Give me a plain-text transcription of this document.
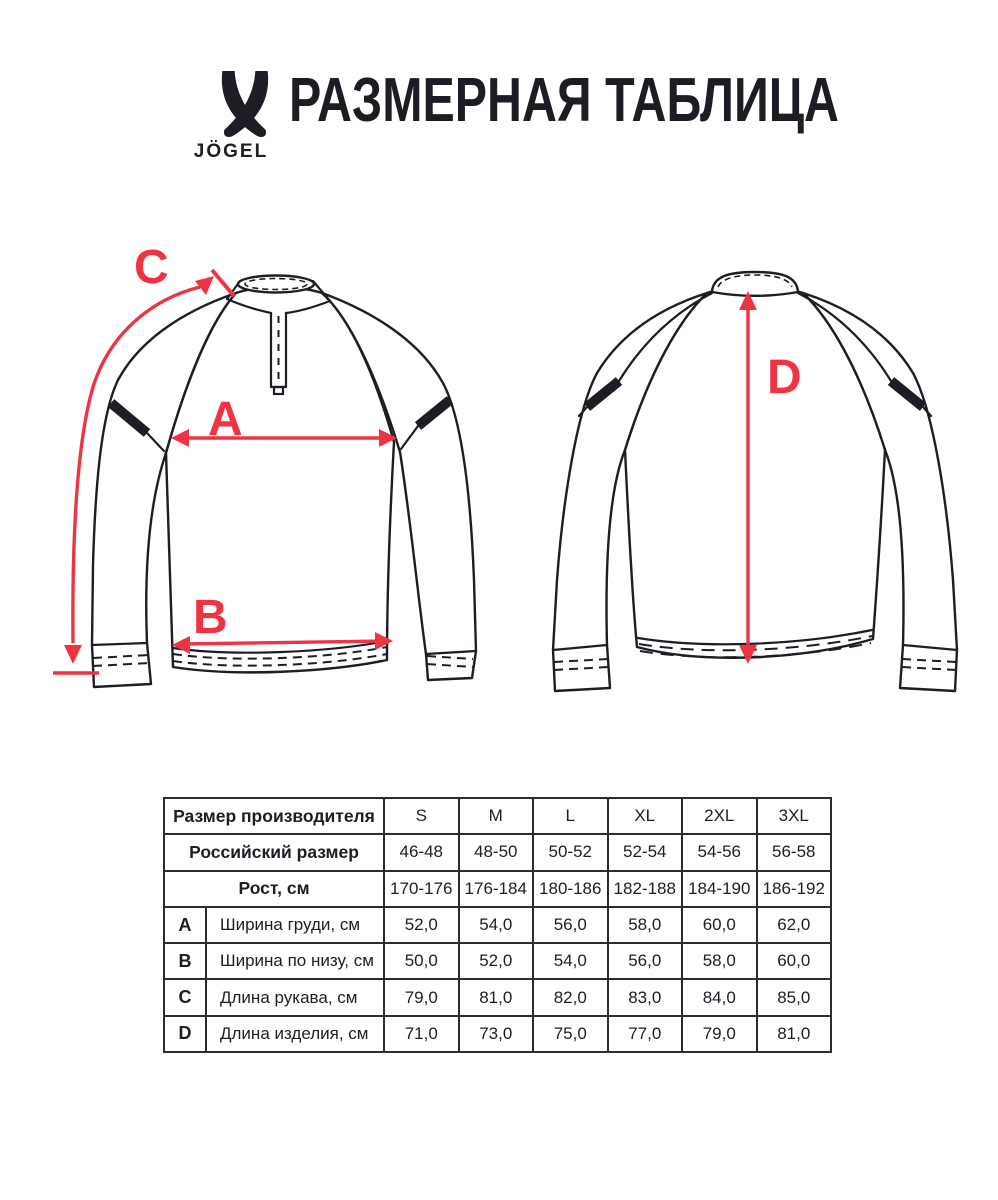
JÖGEL
РАЗМЕРНАЯ ТАБЛИЦА
A
B
C
D
Размер производителя		S	M	L	XL	2XL	3XL
Российский размер		46-48	48-50	50-52	52-54	54-56	56-58
Рост, см		170-176	176-184	180-186	182-188	184-190	186-192
A	Ширина груди, см	52,0	54,0	56,0	58,0	60,0	62,0
B	Ширина по низу, см	50,0	52,0	54,0	56,0	58,0	60,0
C	Длина рукава, см	79,0	81,0	82,0	83,0	84,0	85,0
D	Длина изделия, см	71,0	73,0	75,0	77,0	79,0	81,0
